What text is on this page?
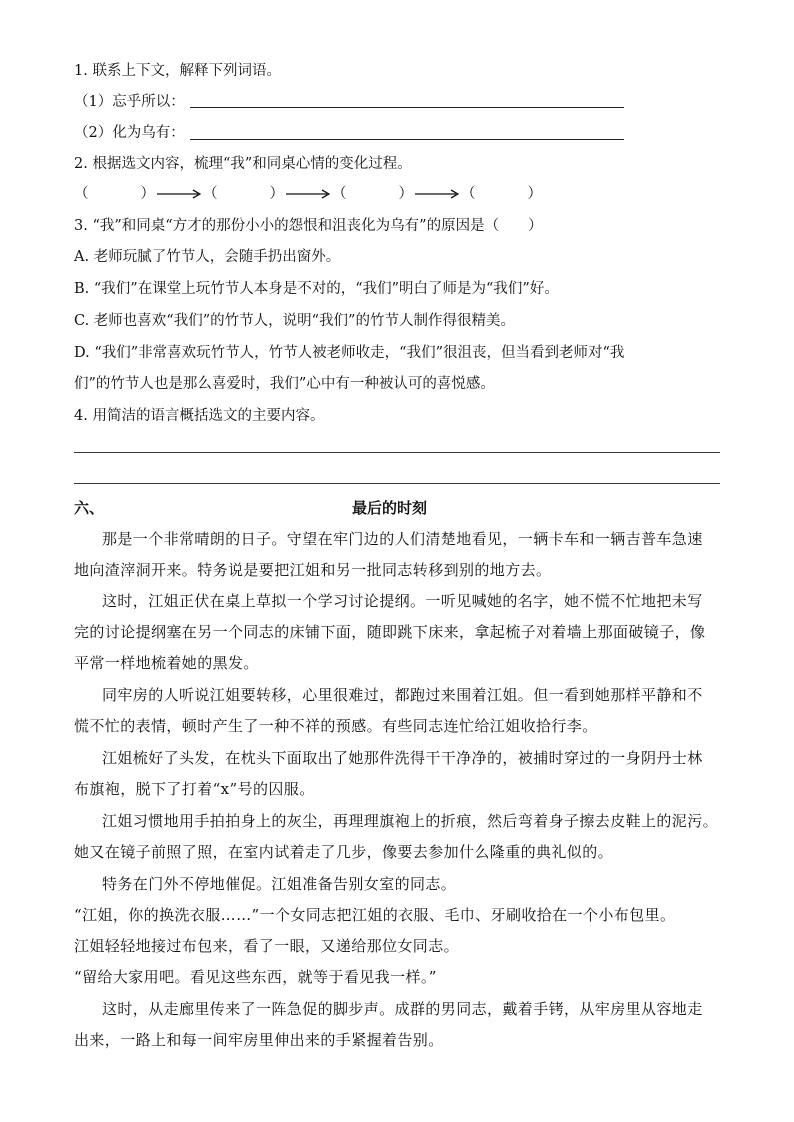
1. 联系上下文，解释下列词语。
（1）忘乎所以：
（2）化为乌有：
2. 根据选文内容，梳理“我”和同桌心情的变化过程。
（	）	（	）	（	）	（	）
3. “我”和同桌“方才的那份小小的怨恨和沮丧化为乌有”的原因是（　　）
A. 老师玩腻了竹节人，会随手扔出窗外。
B. “我们”在课堂上玩竹节人本身是不对的，“我们”明白了师是为“我们”好。
C. 老师也喜欢“我们”的竹节人，说明“我们”的竹节人制作得很精美。
D. “我们”非常喜欢玩竹节人，竹节人被老师收走，“我们”很沮丧，但当看到老师对“我
们”的竹节人也是那么喜爱时，我们”心中有一种被认可的喜悦感。
4. 用简洁的语言概括选文的主要内容。
六、	最后的时刻
那是一个非常晴朗的日子。守望在牢门边的人们清楚地看见，一辆卡车和一辆吉普车急速
地向渣滓洞开来。特务说是要把江姐和另一批同志转移到别的地方去。
这时，江姐正伏在桌上草拟一个学习讨论提纲。一听见喊她的名字，她不慌不忙地把未写
完的讨论提纲塞在另一个同志的床铺下面，随即跳下床来，拿起梳子对着墙上那面破镜子，像
平常一样地梳着她的黑发。
同牢房的人听说江姐要转移，心里很难过，都跑过来围着江姐。但一看到她那样平静和不
慌不忙的表情，顿时产生了一种不祥的预感。有些同志连忙给江姐收拾行李。
江姐梳好了头发，在枕头下面取出了她那件洗得干干净净的，被捕时穿过的一身阴丹士林
布旗袍，脱下了打着“x”号的囚服。
江姐习惯地用手拍拍身上的灰尘，再理理旗袍上的折痕，然后弯着身子擦去皮鞋上的泥污。
她又在镜子前照了照，在室内试着走了几步，像要去参加什么隆重的典礼似的。
特务在门外不停地催促。江姐准备告别女室的同志。
“江姐，你的换洗衣服……”一个女同志把江姐的衣服、毛巾、牙刷收拾在一个小布包里。
江姐轻轻地接过布包来，看了一眼，又递给那位女同志。
“留给大家用吧。看见这些东西，就等于看见我一样。”
这时，从走廊里传来了一阵急促的脚步声。成群的男同志，戴着手铐，从牢房里从容地走
出来，一路上和每一间牢房里伸出来的手紧握着告别。
